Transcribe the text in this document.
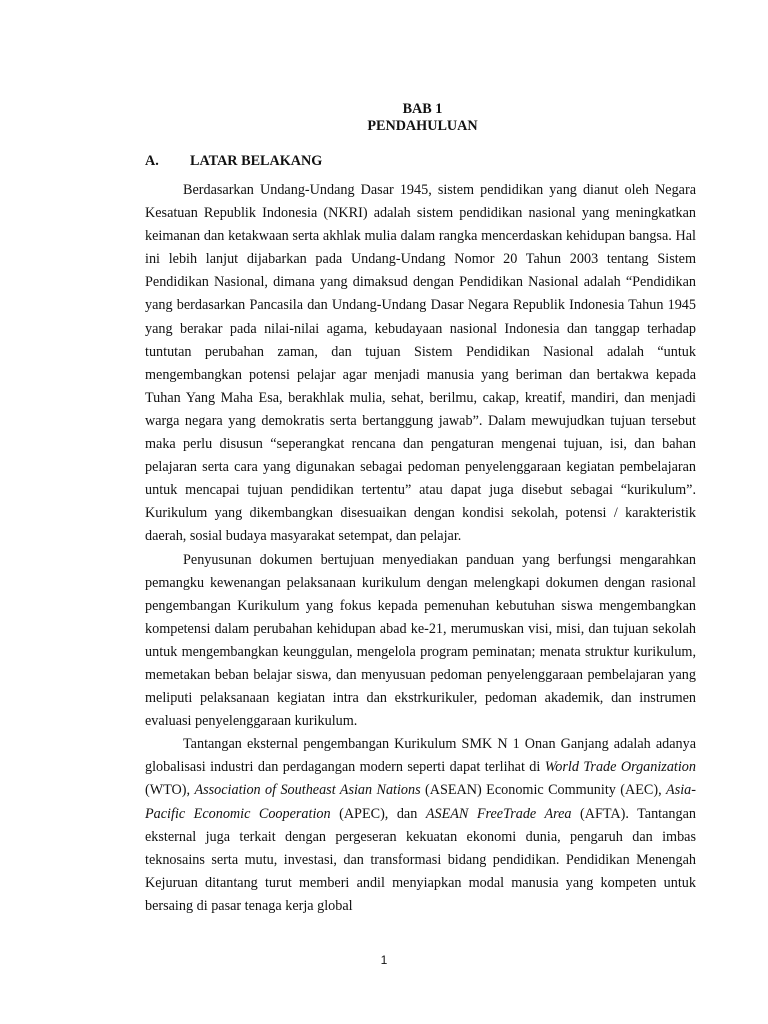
BAB 1
PENDAHULUAN
A.	LATAR BELAKANG

Berdasarkan Undang-Undang Dasar 1945, sistem pendidikan yang dianut oleh Negara Kesatuan Republik Indonesia (NKRI) adalah sistem pendidikan nasional yang meningkatkan keimanan dan ketakwaan serta akhlak mulia dalam rangka mencerdaskan kehidupan bangsa. Hal ini lebih lanjut dijabarkan pada Undang-Undang Nomor 20 Tahun 2003 tentang Sistem Pendidikan Nasional, dimana yang dimaksud dengan Pendidikan Nasional adalah “Pendidikan yang berdasarkan Pancasila dan Undang-Undang Dasar Negara Republik Indonesia Tahun 1945 yang berakar pada nilai-nilai agama, kebudayaan nasional Indonesia dan tanggap terhadap tuntutan perubahan zaman, dan tujuan Sistem Pendidikan Nasional adalah “untuk mengembangkan potensi pelajar agar menjadi manusia yang beriman dan bertakwa kepada Tuhan Yang Maha Esa, berakhlak mulia, sehat, berilmu, cakap, kreatif, mandiri, dan menjadi warga negara yang demokratis serta bertanggung jawab”. Dalam mewujudkan tujuan tersebut maka perlu disusun “seperangkat rencana dan pengaturan mengenai tujuan, isi, dan bahan pelajaran serta cara yang digunakan sebagai pedoman penyelenggaraan kegiatan pembelajaran untuk mencapai tujuan pendidikan tertentu” atau dapat juga disebut sebagai “kurikulum”. Kurikulum yang dikembangkan disesuaikan dengan kondisi sekolah, potensi / karakteristik daerah, sosial budaya masyarakat setempat, dan pelajar.

Penyusunan dokumen bertujuan menyediakan panduan yang berfungsi mengarahkan pemangku kewenangan pelaksanaan kurikulum dengan melengkapi dokumen dengan rasional pengembangan Kurikulum yang fokus kepada pemenuhan kebutuhan siswa mengembangkan kompetensi dalam perubahan kehidupan abad ke-21, merumuskan visi, misi, dan tujuan sekolah untuk mengembangkan keunggulan, mengelola program peminatan; menata struktur kurikulum, memetakan beban belajar siswa, dan menyusuan pedoman penyelenggaraan pembelajaran yang meliputi pelaksanaan kegiatan intra dan ekstrkurikuler, pedoman akademik, dan instrumen evaluasi penyelenggaraan kurikulum.

Tantangan eksternal pengembangan Kurikulum SMK N 1 Onan Ganjang adalah adanya globalisasi industri dan perdagangan modern seperti dapat terlihat di World Trade Organization (WTO), Association of Southeast Asian Nations (ASEAN) Economic Community (AEC), Asia-Pacific Economic Cooperation (APEC), dan ASEAN FreeTrade Area (AFTA). Tantangan eksternal juga terkait dengan pergeseran kekuatan ekonomi dunia, pengaruh dan imbas teknosains serta mutu, investasi, dan transformasi bidang pendidikan. Pendidikan Menengah Kejuruan ditantang turut memberi andil menyiapkan modal manusia yang kompeten untuk bersaing di pasar tenaga kerja global

1
